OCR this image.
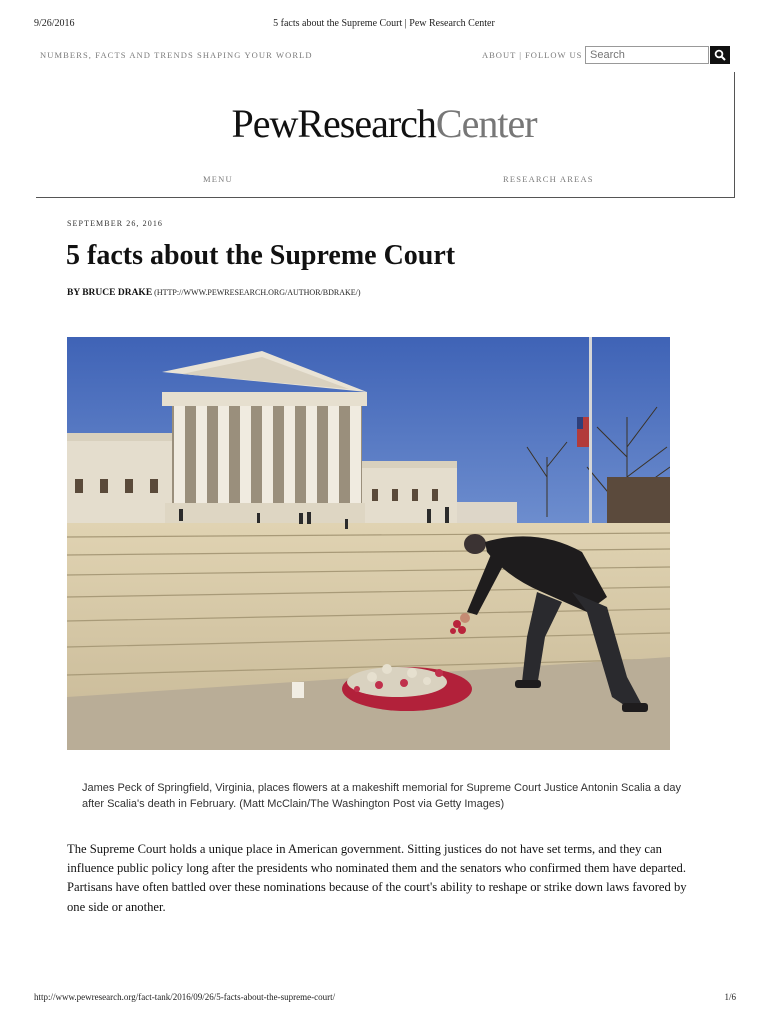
9/26/2016	5 facts about the Supreme Court | Pew Research Center
NUMBERS, FACTS AND TRENDS SHAPING YOUR WORLD	ABOUT | FOLLOW US
Search
PewResearchCenter
MENU	RESEARCH AREAS
SEPTEMBER 26, 2016
5 facts about the Supreme Court
BY BRUCE DRAKE (HTTP://WWW.PEWRESEARCH.ORG/AUTHOR/BDRAKE/)
James Peck of Springfield, Virginia, places flowers at a makeshift memorial for Supreme Court Justice Antonin Scalia a day after Scalia's death in February. (Matt McClain/The Washington Post via Getty Images)

The Supreme Court holds a unique place in American government. Sitting justices do not have set terms, and they can influence public policy long after the presidents who nominated them and the senators who confirmed them have departed. Partisans have often battled over these nominations because of the court's ability to reshape or strike down laws favored by one side or another.

http://www.pewresearch.org/fact-tank/2016/09/26/5-facts-about-the-supreme-court/	1/6
